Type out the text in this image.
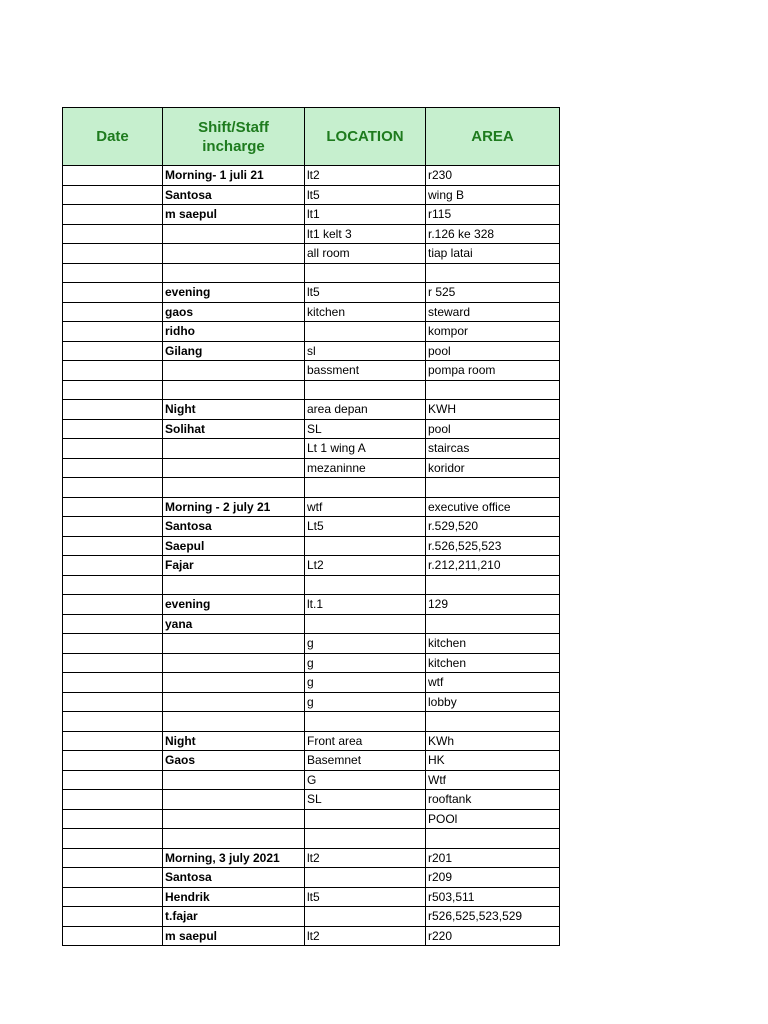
Date	Shift/Staff incharge	LOCATION	AREA
	Morning- 1 juli 21	lt2	r230
	Santosa	lt5	wing B
	m saepul	lt1	r115
		lt1 kelt 3	r.126 ke 328
		all room	tiap latai

	evening	lt5	r 525
	gaos	kitchen	steward
	ridho		kompor
	Gilang	sl	pool
		bassment	pompa room

	Night	area depan	KWH
	Solihat	SL	pool
		Lt 1 wing A	staircas
		mezaninne	koridor

	Morning - 2 july 21	wtf	executive office
	Santosa	Lt5	r.529,520
	Saepul		r.526,525,523
	Fajar	Lt2	r.212,211,210

	evening	lt.1	129
	yana		
		g	kitchen
		g	kitchen
		g	wtf
		g	lobby

	Night	Front area	KWh
	Gaos	Basemnet	HK
		G	Wtf
		SL	rooftank
			POOl

	Morning, 3 july 2021	lt2	r201
	Santosa		r209
	Hendrik	lt5	r503,511
	t.fajar		r526,525,523,529
	m saepul	lt2	r220
